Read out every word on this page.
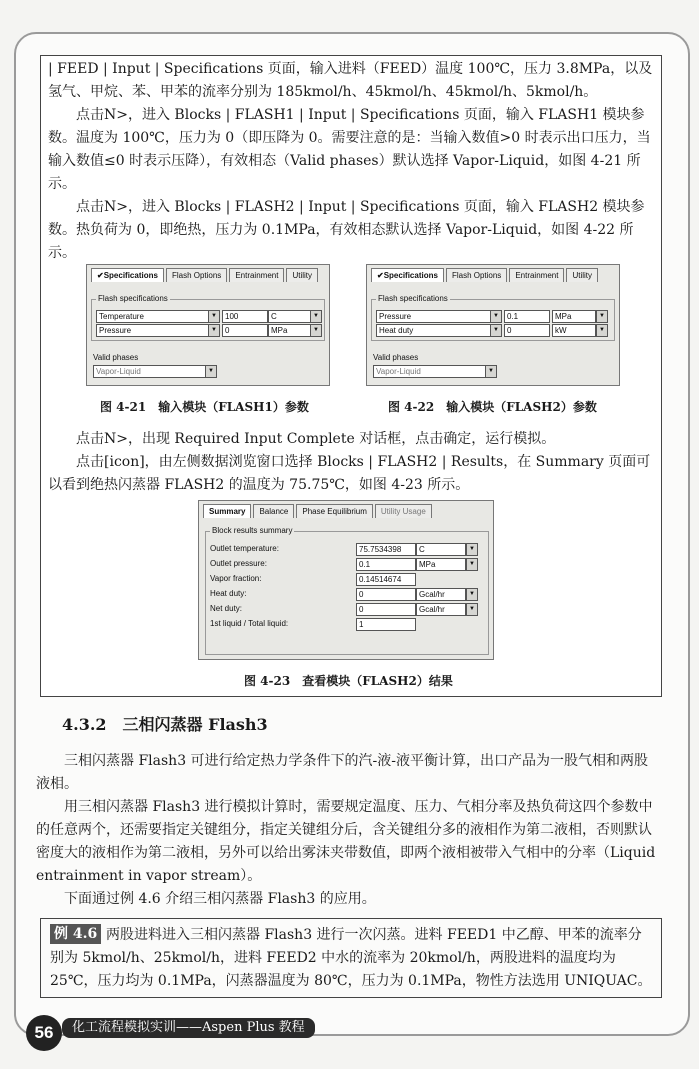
| FEED | Input | Specifications 页面，输入进料（FEED）温度 100℃，压力 3.8MPa，以及氢气、甲烷、苯、甲苯的流率分别为 185kmol/h、45kmol/h、45kmol/h、5kmol/h。
点击N>，进入 Blocks | FLASH1 | Input | Specifications 页面，输入 FLASH1 模块参数。温度为 100℃，压力为 0（即压降为 0。需要注意的是：当输入数值>0 时表示出口压力，当输入数值≤0 时表示压降），有效相态（Valid phases）默认选择 Vapor-Liquid，如图 4-21 所示。
点击N>，进入 Blocks | FLASH2 | Input | Specifications 页面，输入 FLASH2 模块参数。热负荷为 0，即绝热，压力为 0.1MPa，有效相态默认选择 Vapor-Liquid，如图 4-22 所示。
✔Specifications	Flash Options	Entrainment	Utility
Flash specifications
Temperature	▼	100	C	▼
Pressure	▼	0	MPa	▼
Valid phases
Vapor-Liquid	▼
✔Specifications	Flash Options	Entrainment	Utility
Flash specifications
Pressure	▼	0.1	MPa	▼
Heat duty	▼	0	kW	▼
Valid phases
Vapor-Liquid	▼
图 4-21　输入模块（FLASH1）参数	图 4-22　输入模块（FLASH2）参数
点击N>，出现 Required Input Complete 对话框，点击确定，运行模拟。
点击[icon]，由左侧数据浏览窗口选择 Blocks | FLASH2 | Results，在 Summary 页面可以看到绝热闪蒸器 FLASH2 的温度为 75.75℃，如图 4-23 所示。
Summary	Balance	Phase Equilibrium	Utility Usage
Block results summary
Outlet temperature:	75.7534398	C	▼
Outlet pressure:	0.1	MPa	▼
Vapor fraction:	0.14514674
Heat duty:	0	Gcal/hr	▼
Net duty:	0	Gcal/hr	▼
1st liquid / Total liquid:	1
图 4-23　查看模块（FLASH2）结果
4.3.2　三相闪蒸器 Flash3
三相闪蒸器 Flash3 可进行给定热力学条件下的汽-液-液平衡计算，出口产品为一股气相和两股液相。
用三相闪蒸器 Flash3 进行模拟计算时，需要规定温度、压力、气相分率及热负荷这四个参数中的任意两个，还需要指定关键组分，指定关键组分后，含关键组分多的液相作为第二液相，否则默认密度大的液相作为第二液相，另外可以给出雾沫夹带数值，即两个液相被带入气相中的分率（Liquid entrainment in vapor stream）。
下面通过例 4.6 介绍三相闪蒸器 Flash3 的应用。
例 4.6 两股进料进入三相闪蒸器 Flash3 进行一次闪蒸。进料 FEED1 中乙醇、甲苯的流率分别为 5kmol/h、25kmol/h，进料 FEED2 中水的流率为 20kmol/h，两股进料的温度均为 25℃，压力均为 0.1MPa，闪蒸器温度为 80℃，压力为 0.1MPa，物性方法选用 UNIQUAC。
56	化工流程模拟实训——Aspen Plus 教程
